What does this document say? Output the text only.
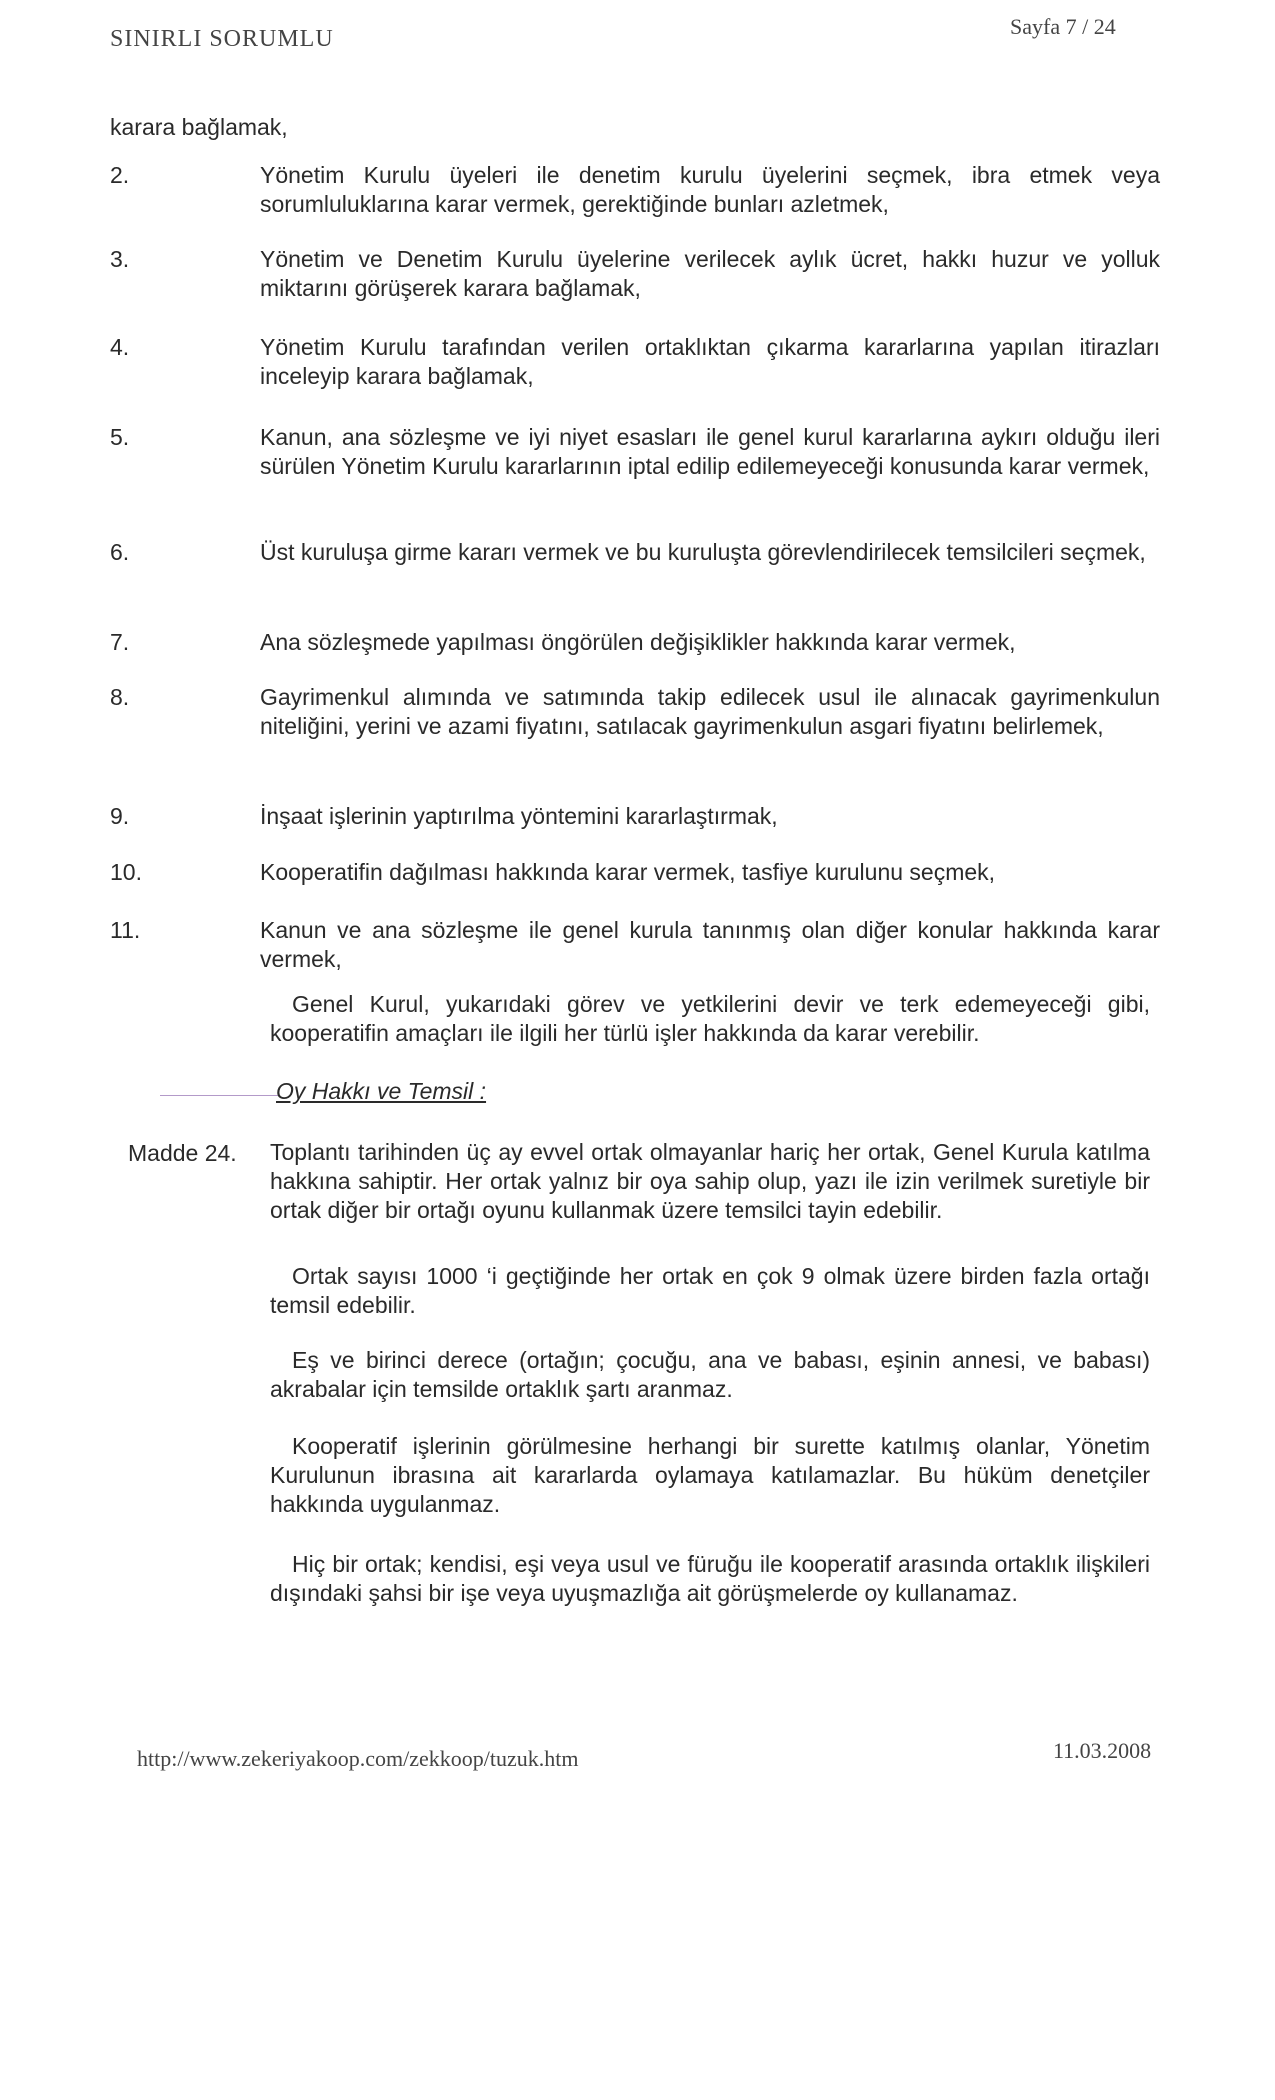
SINIRLI SORUMLU	Sayfa 7 / 24
karara bağlamak,
2.	Yönetim Kurulu üyeleri ile denetim kurulu üyelerini seçmek, ibra etmek veya sorumluluklarına karar vermek, gerektiğinde bunları azletmek,
3.	Yönetim ve Denetim Kurulu üyelerine verilecek aylık ücret, hakkı huzur ve yolluk miktarını görüşerek karara bağlamak,
4.	Yönetim Kurulu tarafından verilen ortaklıktan çıkarma kararlarına yapılan itirazları inceleyip karara bağlamak,
5.	Kanun, ana sözleşme ve iyi niyet esasları ile genel kurul kararlarına aykırı olduğu ileri sürülen Yönetim Kurulu kararlarının iptal edilip edilemeyeceği konusunda karar vermek,
6.	Üst kuruluşa girme kararı vermek ve bu kuruluşta görevlendirilecek temsilcileri seçmek,
7.	Ana sözleşmede yapılması öngörülen değişiklikler hakkında karar vermek,
8.	Gayrimenkul alımında ve satımında takip edilecek usul ile alınacak gayrimenkulun niteliğini, yerini ve azami fiyatını, satılacak gayrimenkulun asgari fiyatını belirlemek,
9.	İnşaat işlerinin yaptırılma yöntemini kararlaştırmak,
10.	Kooperatifin dağılması hakkında karar vermek, tasfiye kurulunu seçmek,
11.	Kanun ve ana sözleşme ile genel kurula tanınmış olan diğer konular hakkında karar vermek,
Genel Kurul, yukarıdaki görev ve yetkilerini devir ve terk edemeyeceği gibi, kooperatifin amaçları ile ilgili her türlü işler hakkında da karar verebilir.
Oy Hakkı ve Temsil :
Madde 24. Toplantı tarihinden üç ay evvel ortak olmayanlar hariç her ortak, Genel Kurula katılma hakkına sahiptir. Her ortak yalnız bir oya sahip olup, yazı ile izin verilmek suretiyle bir ortak diğer bir ortağı oyunu kullanmak üzere temsilci tayin edebilir.
Ortak sayısı 1000 ‘i geçtiğinde her ortak en çok 9 olmak üzere birden fazla ortağı temsil edebilir.
Eş ve birinci derece (ortağın; çocuğu, ana ve babası, eşinin annesi, ve babası) akrabalar için temsilde ortaklık şartı aranmaz.
Kooperatif işlerinin görülmesine herhangi bir surette katılmış olanlar, Yönetim Kurulunun ibrasına ait kararlarda oylamaya katılamazlar. Bu hüküm denetçiler hakkında uygulanmaz.
Hiç bir ortak; kendisi, eşi veya usul ve füruğu ile kooperatif arasında ortaklık ilişkileri dışındaki şahsi bir işe veya uyuşmazlığa ait görüşmelerde oy kullanamaz.
http://www.zekeriyakoop.com/zekkoop/tuzuk.htm	11.03.2008
